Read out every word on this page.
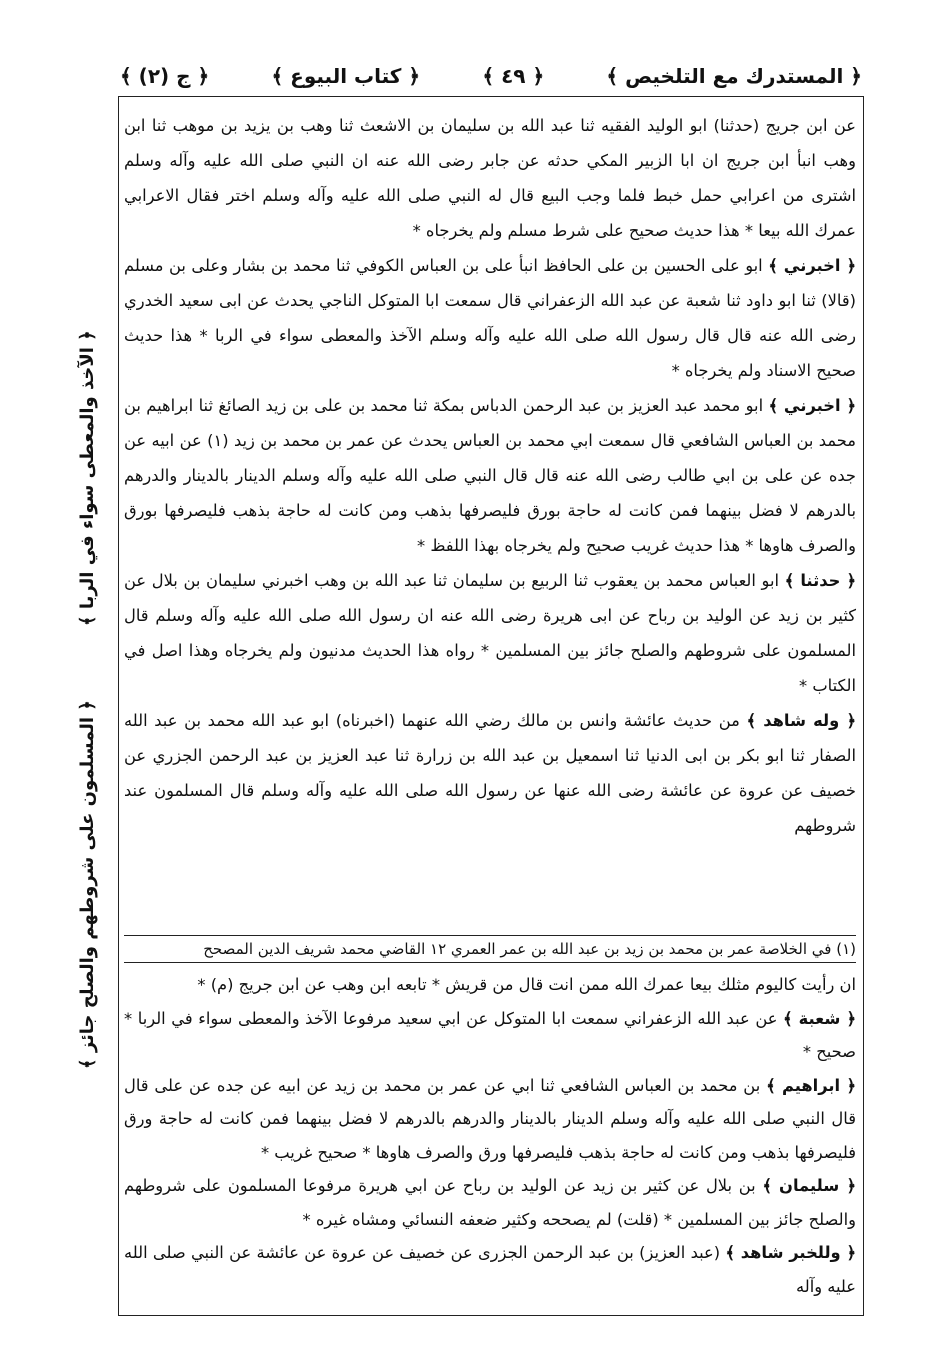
﴿ المستدرك مع التلخيص ﴾
﴿ ٤٩ ﴾
﴿ كتاب البيوع ﴾
﴿ ج (٢) ﴾

عن ابن جريج (حدثنا) ابو الوليد الفقيه ثنا عبد الله بن سليمان بن الاشعث ثنا وهب بن يزيد بن موهب ثنا ابن وهب انبأ ابن جريج ان ابا الزبير المكي حدثه عن جابر رضى الله عنه ان النبي صلى الله عليه وآله وسلم اشترى من اعرابي حمل خبط فلما وجب البيع قال له النبي صلى الله عليه وآله وسلم اختر فقال الاعرابي عمرك الله بيعا * هذا حديث صحيح على شرط مسلم ولم يخرجاه *

﴿ اخبرني ﴾ ابو على الحسين بن على الحافظ انبأ على بن العباس الكوفي ثنا محمد بن بشار وعلى بن مسلم (قالا) ثنا ابو داود ثنا شعبة عن عبد الله الزعفراني قال سمعت ابا المتوكل الناجي يحدث عن ابى سعيد الخدري رضى الله عنه قال قال رسول الله صلى الله عليه وآله وسلم الآخذ والمعطى سواء في الربا * هذا حديث صحيح الاسناد ولم يخرجاه *

﴿ اخبرني ﴾ ابو محمد عبد العزيز بن عبد الرحمن الدباس بمكة ثنا محمد بن على بن زيد الصائغ ثنا ابراهيم بن محمد بن العباس الشافعي قال سمعت ابي محمد بن العباس يحدث عن عمر بن محمد بن زيد (١) عن ابيه عن جده عن على بن ابي طالب رضى الله عنه قال قال النبي صلى الله عليه وآله وسلم الدينار بالدينار والدرهم بالدرهم لا فضل بينهما فمن كانت له حاجة بورق فليصرفها بذهب ومن كانت له حاجة بذهب فليصرفها بورق والصرف هاوها * هذا حديث غريب صحيح ولم يخرجاه بهذا اللفظ *

﴿ حدثنا ﴾ ابو العباس محمد بن يعقوب ثنا الربيع بن سليمان ثنا عبد الله بن وهب اخبرني سليمان بن بلال عن كثير بن زيد عن الوليد بن رباح عن ابى هريرة رضى الله عنه ان رسول الله صلى الله عليه وآله وسلم قال المسلمون على شروطهم والصلح جائز بين المسلمين * رواه هذا الحديث مدنيون ولم يخرجاه وهذا اصل في الكتاب *

﴿ وله شاهد ﴾ من حديث عائشة وانس بن مالك رضي الله عنهما (اخبرناه) ابو عبد الله محمد بن عبد الله الصفار ثنا ابو بكر بن ابى الدنيا ثنا اسمعيل بن عبد الله بن زرارة ثنا عبد العزيز بن عبد الرحمن الجزري عن خصيف عن عروة عن عائشة رضى الله عنها عن رسول الله صلى الله عليه وآله وسلم قال المسلمون عند شروطهم

(١) في الخلاصة عمر بن محمد بن زيد بن عبد الله بن عمر العمري ١٢ القاضي محمد شريف الدين المصحح

ان رأيت كاليوم مثلك بيعا عمرك الله ممن انت قال من قريش * تابعه ابن وهب عن ابن جريج (م) *

﴿ شعبة ﴾ عن عبد الله الزعفراني سمعت ابا المتوكل عن ابي سعيد مرفوعا الآخذ والمعطى سواء في الربا * صحيح *

﴿ ابراهيم ﴾ بن محمد بن العباس الشافعي ثنا ابي عن عمر بن محمد بن زيد عن ابيه عن جده عن على قال قال النبي صلى الله عليه وآله وسلم الدينار بالدينار والدرهم بالدرهم لا فضل بينهما فمن كانت له حاجة ورق فليصرفها بذهب ومن كانت له حاجة بذهب فليصرفها ورق والصرف هاوها * صحيح غريب *

﴿ سليمان ﴾ بن بلال عن كثير بن زيد عن الوليد بن رباح عن ابي هريرة مرفوعا المسلمون على شروطهم والصلح جائز بين المسلمين * (قلت) لم يصححه وكثير ضعفه النسائي ومشاه غيره *

﴿ وللخبر شاهد ﴾ (عبد العزيز) بن عبد الرحمن الجزرى عن خصيف عن عروة عن عائشة عن النبي صلى الله عليه وآله

﴿ الآخذ والمعطى سواء في الربا ﴾
﴿ المسلمون على شروطهم والصلح جائز ﴾
